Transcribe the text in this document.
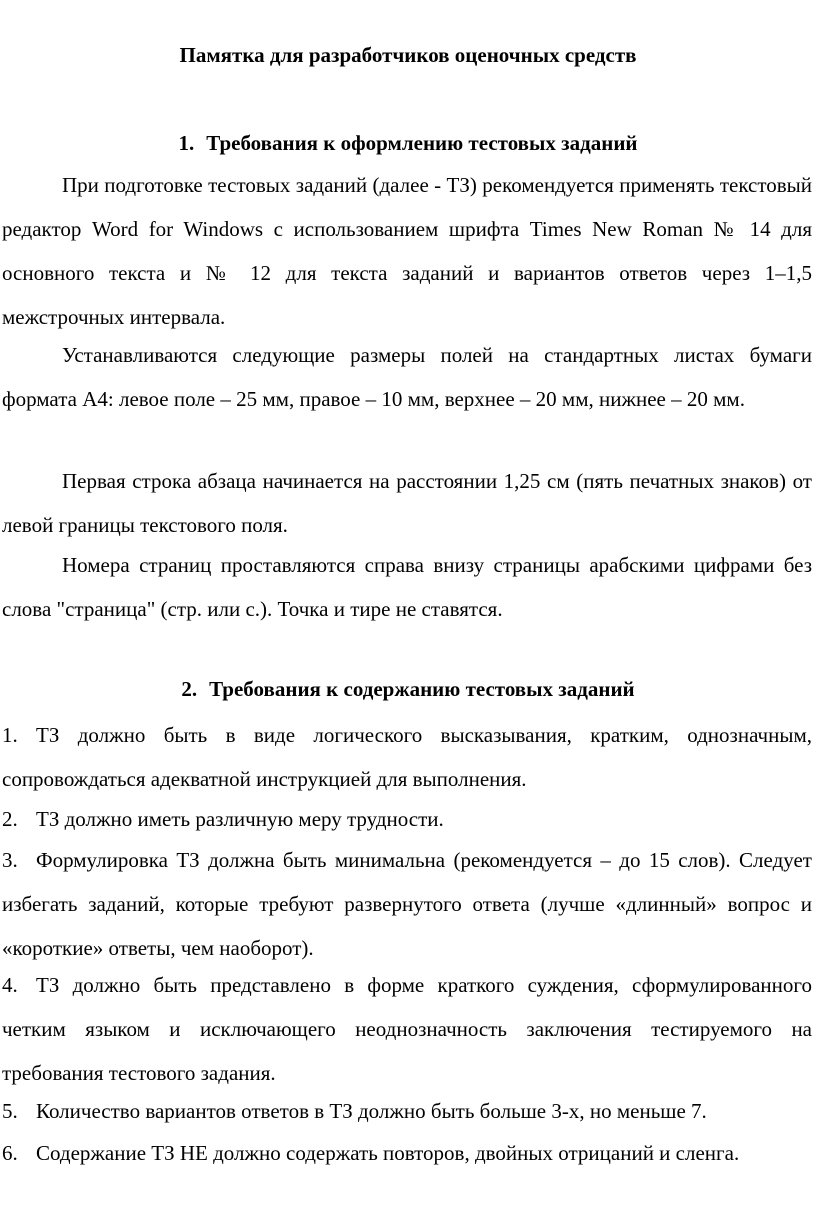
Памятка для разработчиков оценочных средств
1. Требования к оформлению тестовых заданий

При подготовке тестовых заданий (далее - ТЗ) рекомендуется применять текстовый редактор Word for Windows с использованием шрифта Times New Roman № 14 для основного текста и № 12 для текста заданий и вариантов ответов через 1–1,5 межстрочных интервала.

Устанавливаются следующие размеры полей на стандартных листах бумаги формата А4: левое поле – 25 мм, правое – 10 мм, верхнее – 20 мм, нижнее – 20 мм.

Первая строка абзаца начинается на расстоянии 1,25 см (пять печатных знаков) от левой границы текстового поля.

Номера страниц проставляются справа внизу страницы арабскими цифрами без слова "страница" (стр. или с.). Точка и тире не ставятся.

2. Требования к содержанию тестовых заданий

1. ТЗ должно быть в виде логического высказывания, кратким, однозначным, сопровождаться адекватной инструкцией для выполнения.

2. ТЗ должно иметь различную меру трудности.

3. Формулировка ТЗ должна быть минимальна (рекомендуется – до 15 слов). Следует избегать заданий, которые требуют развернутого ответа (лучше «длинный» вопрос и «короткие» ответы, чем наоборот).

4. ТЗ должно быть представлено в форме краткого суждения, сформулированного четким языком и исключающего неоднозначность заключения тестируемого на требования тестового задания.

5. Количество вариантов ответов в ТЗ должно быть больше 3-х, но меньше 7.

6. Содержание ТЗ НЕ должно содержать повторов, двойных отрицаний и сленга.
